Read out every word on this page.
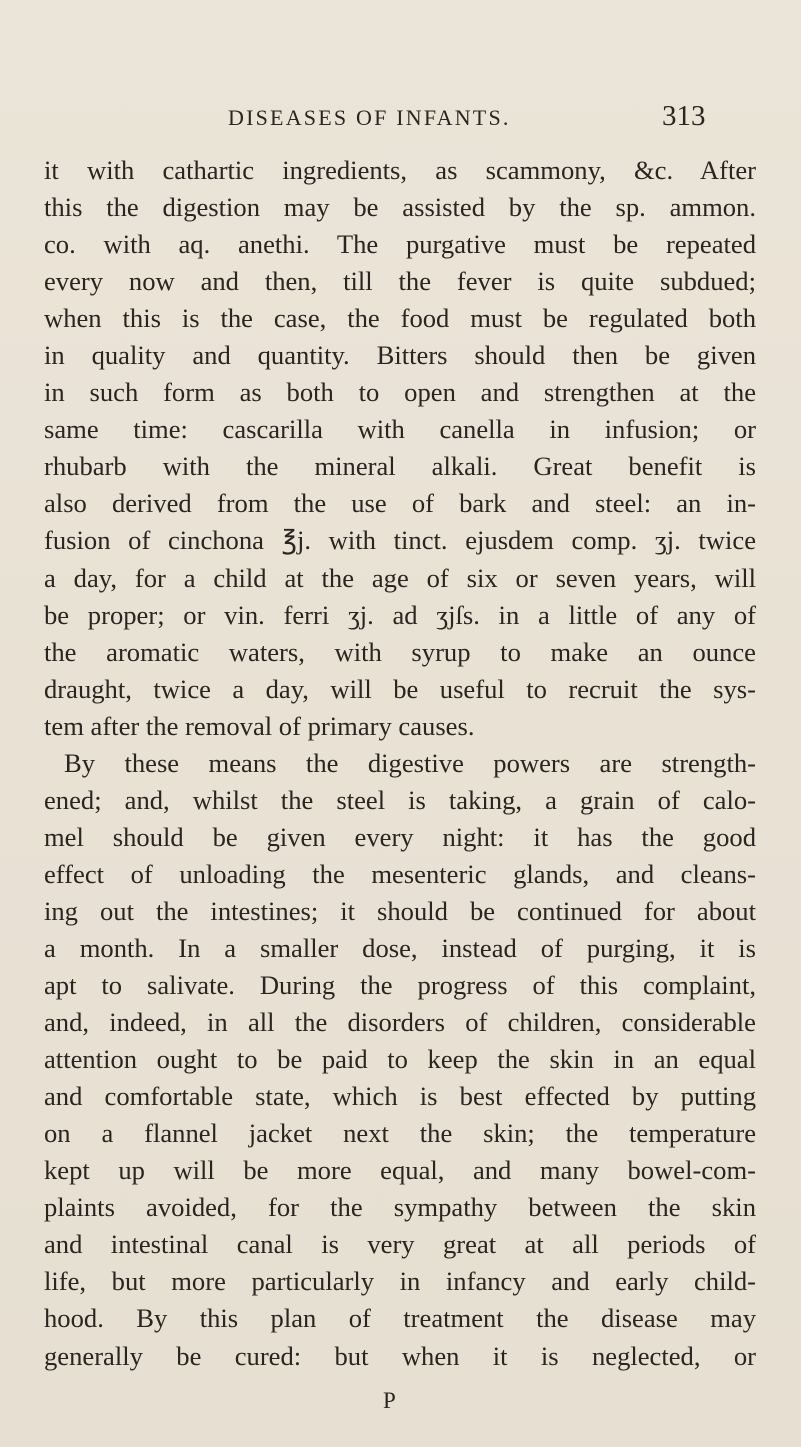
DISEASES OF INFANTS.	313
it with cathartic ingredients, as scammony, &c. After
this the digestion may be assisted by the sp. ammon.
co. with aq. anethi. The purgative must be repeated
every now and then, till the fever is quite subdued;
when this is the case, the food must be regulated both
in quality and quantity. Bitters should then be given
in such form as both to open and strengthen at the
same time: cascarilla with canella in infusion; or
rhubarb with the mineral alkali. Great benefit is
also derived from the use of bark and steel: an in-
fusion of cinchona ℥j. with tinct. ejusdem comp. ʒj. twice
a day, for a child at the age of six or seven years, will
be proper; or vin. ferri ʒj. ad ʒjſs. in a little of any of
the aromatic waters, with syrup to make an ounce
draught, twice a day, will be useful to recruit the sys-
tem after the removal of primary causes.
By these means the digestive powers are strength-
ened; and, whilst the steel is taking, a grain of calo-
mel should be given every night: it has the good
effect of unloading the mesenteric glands, and cleans-
ing out the intestines; it should be continued for about
a month. In a smaller dose, instead of purging, it is
apt to salivate. During the progress of this complaint,
and, indeed, in all the disorders of children, considerable
attention ought to be paid to keep the skin in an equal
and comfortable state, which is best effected by putting
on a flannel jacket next the skin; the temperature
kept up will be more equal, and many bowel-com-
plaints avoided, for the sympathy between the skin
and intestinal canal is very great at all periods of
life, but more particularly in infancy and early child-
hood. By this plan of treatment the disease may
generally be cured: but when it is neglected, or
P
